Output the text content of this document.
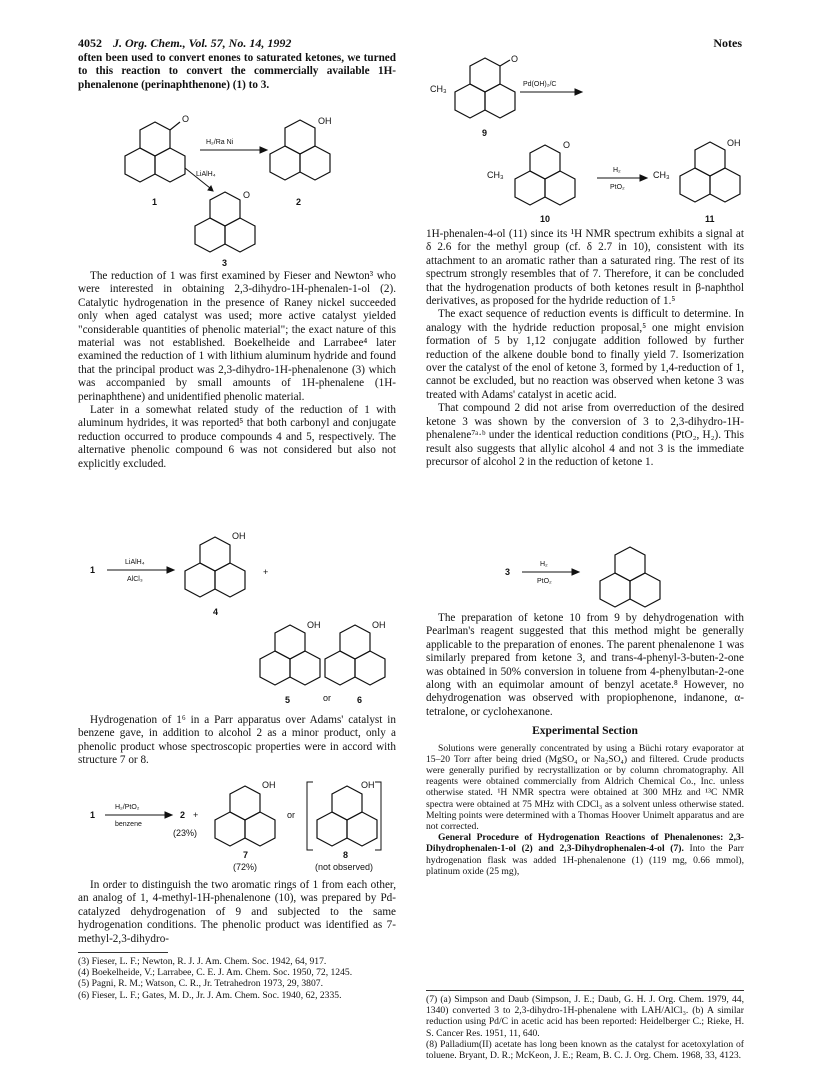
4052 J. Org. Chem., Vol. 57, No. 14, 1992	Notes

often been used to convert enones to saturated ketones, we turned to this reaction to convert the commercially available 1H-phenalenone (perinaphthenone) (1) to 3.

O
1
H₂/Ra Ni
OH
2
LiAlH₄
O
3

The reduction of 1 was first examined by Fieser and Newton³ who were interested in obtaining 2,3-dihydro-1H-phenalen-1-ol (2). Catalytic hydrogenation in the presence of Raney nickel succeeded only when aged catalyst was used; more active catalyst yielded "considerable quantities of phenolic material"; the exact nature of this material was not established. Boekelheide and Larrabee⁴ later examined the reduction of 1 with lithium aluminum hydride and found that the principal product was 2,3-dihydro-1H-phenalenone (3) which was accompanied by small amounts of 1H-phenalene (1H-perinaphthene) and unidentified phenolic material.

Later in a somewhat related study of the reduction of 1 with aluminum hydrides, it was reported⁵ that both carbonyl and conjugate reduction occurred to produce compounds 4 and 5, respectively. The alternative phenolic compound 6 was not considered but also not explicitly excluded.

1
LiAlH₄
AlCl₃
OH
+
4
OH	OH
5	or	6

Hydrogenation of 1⁶ in a Parr apparatus over Adams' catalyst in benzene gave, in addition to alcohol 2 as a minor product, only a phenolic product whose spectroscopic properties were in accord with structure 7 or 8.

1
H₂/PtO₂
benzene
2 +
(23%)
OH
or
OH
7
(72%)
8
(not observed)

In order to distinguish the two aromatic rings of 1 from each other, an analog of 1, 4-methyl-1H-phenalenone (10), was prepared by Pd-catalyzed dehydrogenation of 9 and subjected to the same hydrogenation conditions. The phenolic product was identified as 7-methyl-2,3-dihydro-

(3) Fieser, L. F.; Newton, R. J. J. Am. Chem. Soc. 1942, 64, 917.

(4) Boekelheide, V.; Larrabee, C. E. J. Am. Chem. Soc. 1950, 72, 1245.

(5) Pagni, R. M.; Watson, C. R., Jr. Tetrahedron 1973, 29, 3807.

(6) Fieser, L. F.; Gates, M. D., Jr. J. Am. Chem. Soc. 1940, 62, 2335.

CH₃
O
Pd(OH)₂/C
9
CH₃
O
H₂
PtO₂
CH₃
OH
10	11

1H-phenalen-4-ol (11) since its ¹H NMR spectrum exhibits a signal at δ 2.6 for the methyl group (cf. δ 2.7 in 10), consistent with its attachment to an aromatic rather than a saturated ring. The rest of its spectrum strongly resembles that of 7. Therefore, it can be concluded that the hydrogenation products of both ketones result in β-naphthol derivatives, as proposed for the hydride reduction of 1.⁵

The exact sequence of reduction events is difficult to determine. In analogy with the hydride reduction proposal,⁵ one might envision formation of 5 by 1,12 conjugate addition followed by further reduction of the alkene double bond to finally yield 7. Isomerization over the catalyst of the enol of ketone 3, formed by 1,4-reduction of 1, cannot be excluded, but no reaction was observed when ketone 3 was treated with Adams' catalyst in acetic acid.

That compound 2 did not arise from overreduction of the desired ketone 3 was shown by the conversion of 3 to 2,3-dihydro-1H-phenalene⁷ᵃ·ᵇ under the identical reduction conditions (PtO₂, H₂). This result also suggests that allylic alcohol 4 and not 3 is the immediate precursor of alcohol 2 in the reduction of ketone 1.

3
H₂
PtO₂

The preparation of ketone 10 from 9 by dehydrogenation with Pearlman's reagent suggested that this method might be generally applicable to the preparation of enones. The parent phenalenone 1 was similarly prepared from ketone 3, and trans-4-phenyl-3-buten-2-one was obtained in 50% conversion in toluene from 4-phenylbutan-2-one along with an equimolar amount of benzyl acetate.⁸ However, no dehydrogenation was observed with propiophenone, indanone, α-tetralone, or cyclohexanone.

Experimental Section

Solutions were generally concentrated by using a Büchi rotary evaporator at 15–20 Torr after being dried (MgSO₄ or Na₂SO₄) and filtered. Crude products were generally purified by recrystallization or by column chromatography. All reagents were obtained commercially from Aldrich Chemical Co., Inc. unless otherwise stated. ¹H NMR spectra were obtained at 300 MHz and ¹³C NMR spectra were obtained at 75 MHz with CDCl₃ as a solvent unless otherwise stated. Melting points were determined with a Thomas Hoover Unimelt apparatus and are not corrected.

General Procedure of Hydrogenation Reactions of Phenalenones: 2,3-Dihydrophenalen-1-ol (2) and 2,3-Dihydrophenalen-4-ol (7). Into the Parr hydrogenation flask was added 1H-phenalenone (1) (119 mg, 0.66 mmol), platinum oxide (25 mg),

(7) (a) Simpson and Daub (Simpson, J. E.; Daub, G. H. J. Org. Chem. 1979, 44, 1340) converted 3 to 2,3-dihydro-1H-phenalene with LAH/AlCl₃. (b) A similar reduction using Pd/C in acetic acid has been reported: Heidelberger C.; Rieke, H. S. Cancer Res. 1951, 11, 640.

(8) Palladium(II) acetate has long been known as the catalyst for acetoxylation of toluene. Bryant, D. R.; McKeon, J. E.; Ream, B. C. J. Org. Chem. 1968, 33, 4123.
